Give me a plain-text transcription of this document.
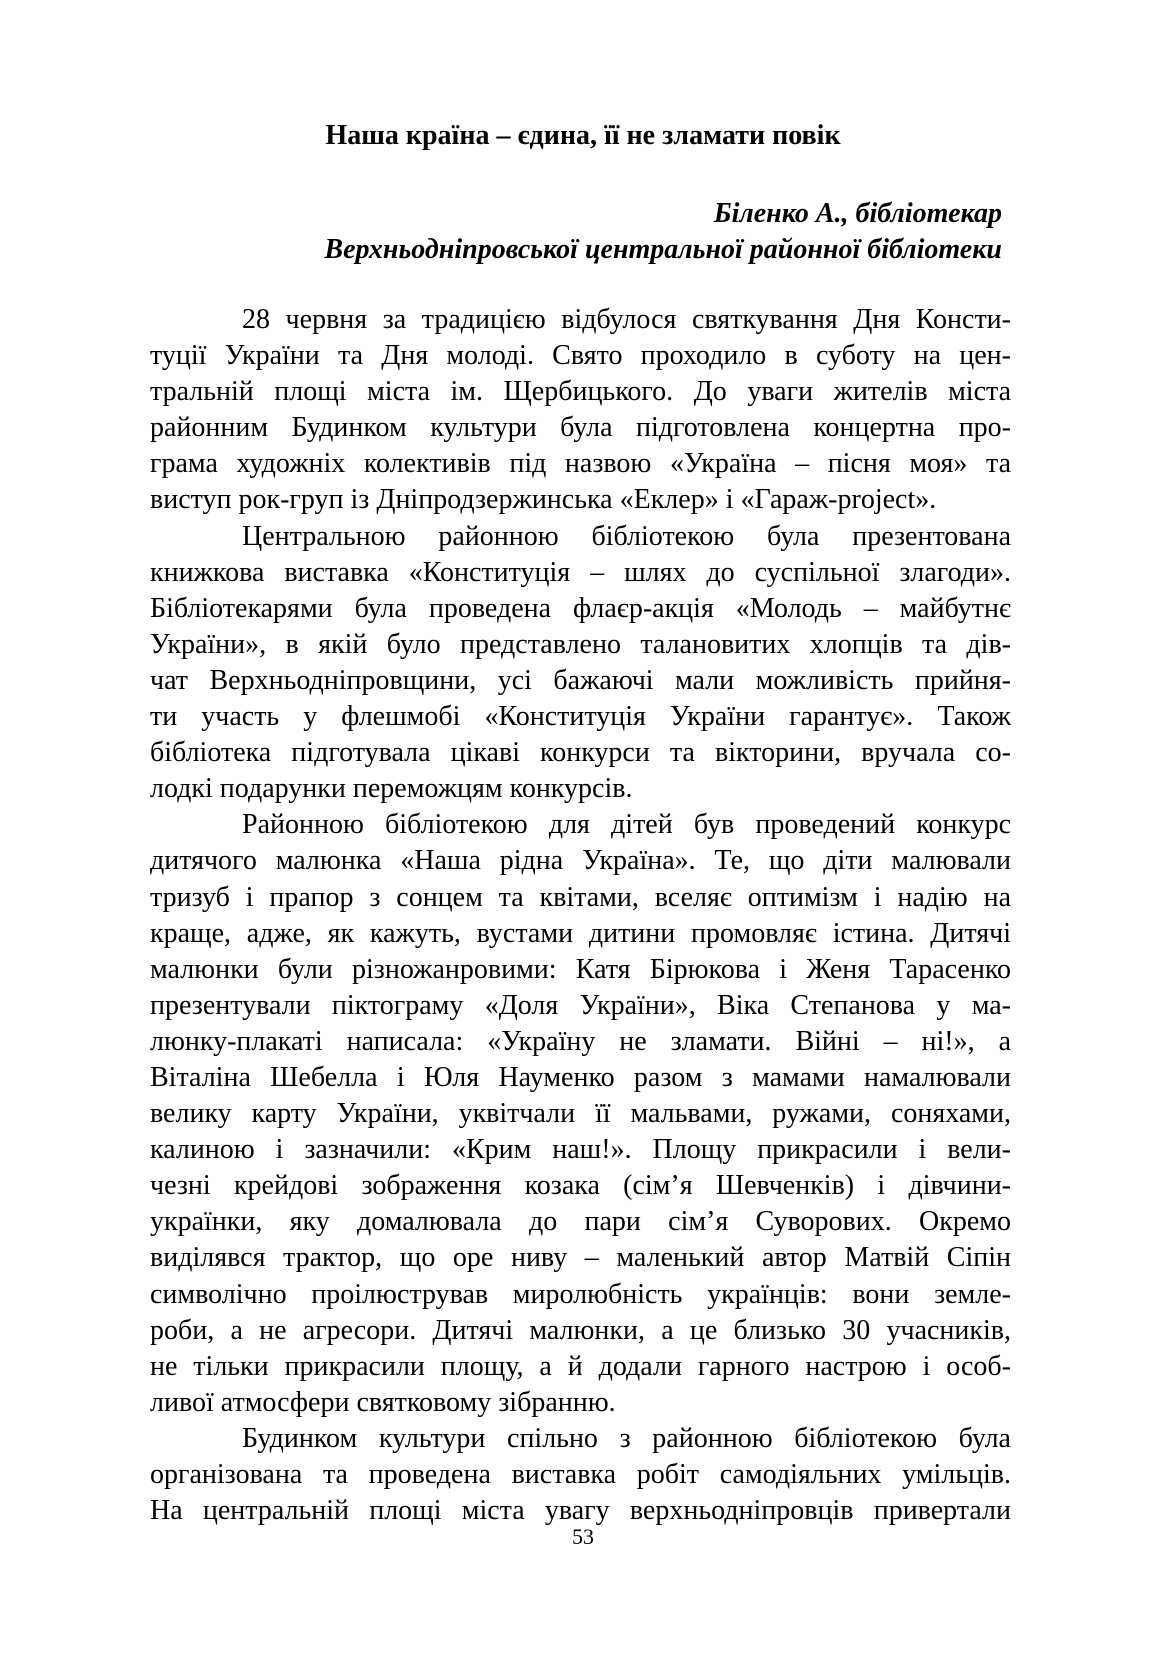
Наша країна – єдина, її не зламати повік
Біленко А., бібліотекар
Верхньодніпровської центральної районної бібліотеки
28 червня за традицією відбулося святкування Дня Консти-
туції України та Дня молоді. Свято проходило в суботу на цен-
тральній площі міста ім. Щербицького. До уваги жителів міста
районним Будинком культури була підготовлена концертна про-
грама художніх колективів під назвою «Україна – пісня моя» та
виступ рок-груп із Дніпродзержинська «Еклер» і «Гараж-project».
Центральною районною бібліотекою була презентована
книжкова виставка «Конституція – шлях до суспільної злагоди».
Бібліотекарями була проведена флаєр-акція «Молодь – майбутнє
України», в якій було представлено талановитих хлопців та дів-
чат Верхньодніпровщини, усі бажаючі мали можливість прийня-
ти участь у флешмобі «Конституція України гарантує». Також
бібліотека підготувала цікаві конкурси та вікторини, вручала со-
лодкі подарунки переможцям конкурсів.
Районною бібліотекою для дітей був проведений конкурс
дитячого малюнка «Наша рідна Україна». Те, що діти малювали
тризуб і прапор з сонцем та квітами, вселяє оптимізм і надію на
краще, адже, як кажуть, вустами дитини промовляє істина. Дитячі
малюнки були різножанровими: Катя Бірюкова і Женя Тарасенко
презентували піктограму «Доля України», Віка Степанова у ма-
люнку-плакаті написала: «Україну не зламати. Війні – ні!», а
Віталіна Шебелла і Юля Науменко разом з мамами намалювали
велику карту України, уквітчали її мальвами, ружами, соняхами,
калиною і зазначили: «Крим наш!». Площу прикрасили і вели-
чезні крейдові зображення козака (сім’я Шевченків) і дівчини-
українки, яку домалювала до пари сім’я Суворових. Окремо
виділявся трактор, що оре ниву – маленький автор Матвій Сіпін
символічно проілюстрував миролюбність українців: вони земле-
роби, а не агресори. Дитячі малюнки, а це близько 30 учасників,
не тільки прикрасили площу, а й додали гарного настрою і особ-
ливої атмосфери святковому зібранню.
Будинком культури спільно з районною бібліотекою була
організована та проведена виставка робіт самодіяльних умільців.
На центральній площі міста увагу верхньодніпровців привертали
53
